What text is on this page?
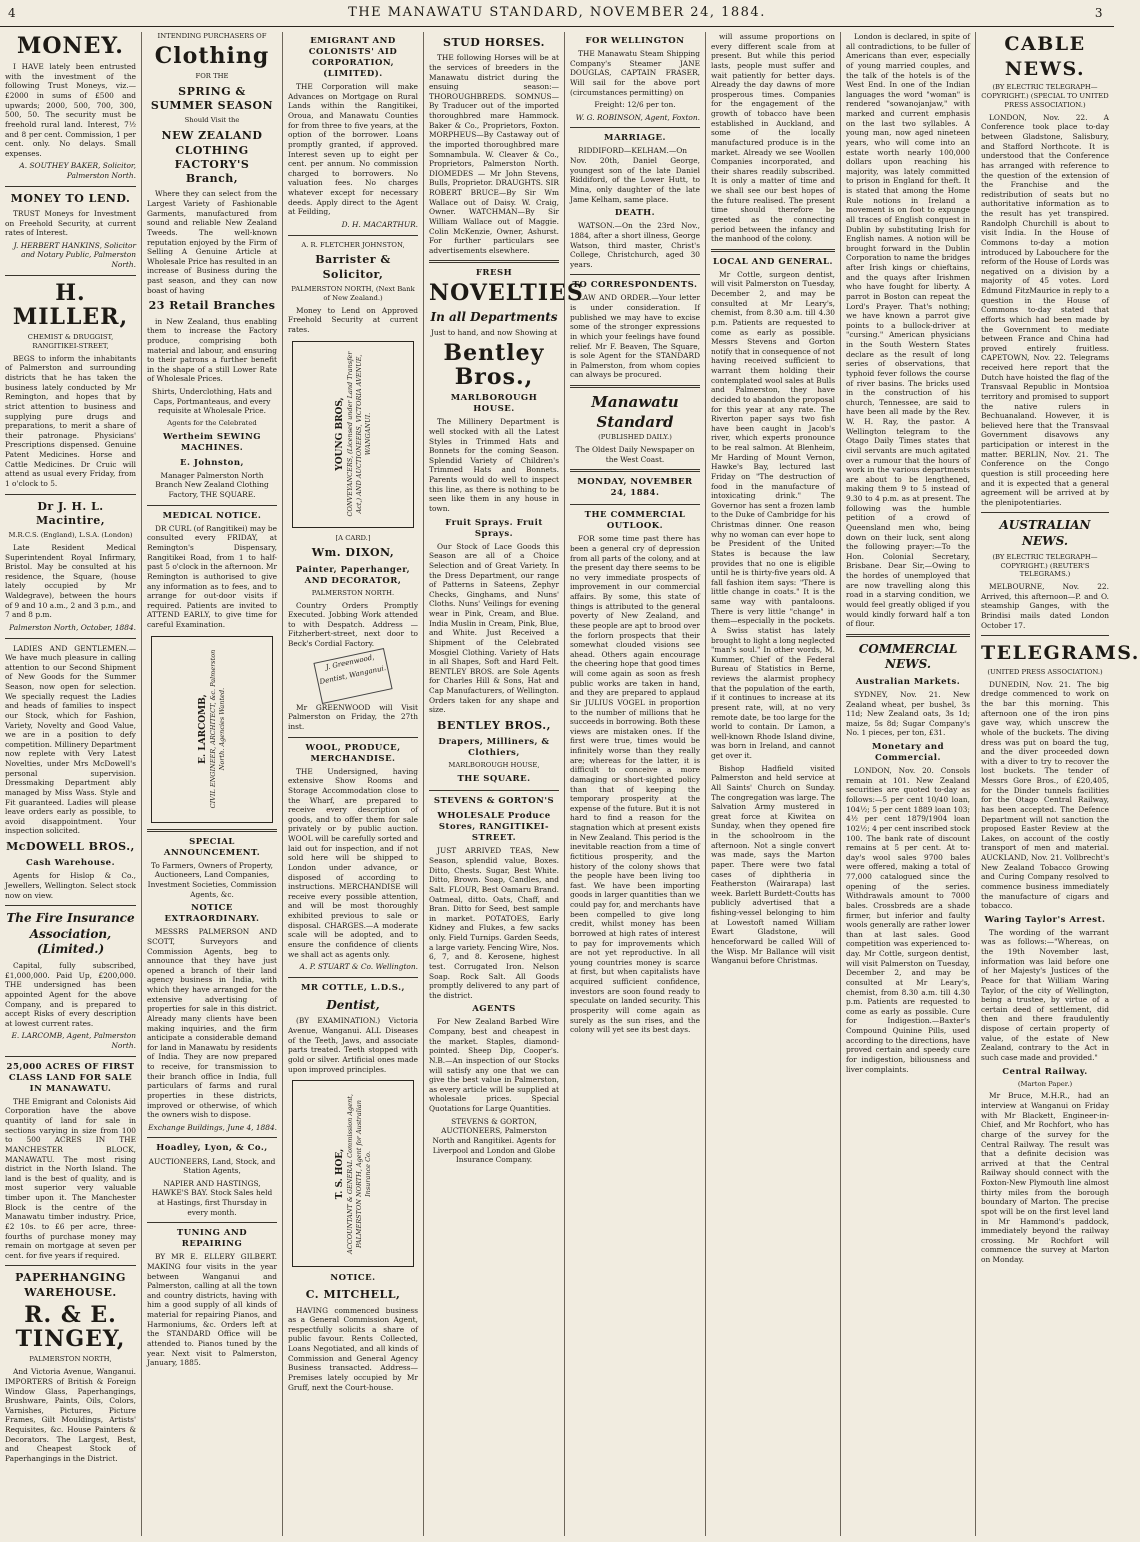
4	THE MANAWATU STANDARD, NOVEMBER 24, 1884.	3
MONEY.

I HAVE lately been entrusted with the investment of the following Trust Moneys, viz.— £2000 in sums of £500 and upwards; 2000, 500, 700, 300, 500, 50. The security must be freehold rural land. Interest, 7½ and 8 per cent. Commission, 1 per cent. only. No delays. Small expenses.

A. SOUTHEY BAKER, Solicitor, Palmerston North.
MONEY TO LEND.

TRUST Moneys for Investment on Freehold Security, at current rates of Interest.

J. HERBERT HANKINS, Solicitor and Notary Public, Palmerston North.
H. MILLER,
CHEMIST & DRUGGIST, RANGITIKEI-STREET,

BEGS to inform the inhabitants of Palmerston and surrounding districts that he has taken the business lately conducted by Mr Remington, and hopes that by strict attention to business and supplying pure drugs and preparations, to merit a share of their patronage. Physicians' Prescriptions dispensed. Genuine Patent Medicines. Horse and Cattle Medicines. Dr Cruic will attend as usual every Friday, from 1 o'clock to 5.

Dr J. H. L. Macintire,
M.R.C.S. (England), L.S.A. (London)

Late Resident Medical Superintendent Royal Infirmary, Bristol. May be consulted at his residence, the Square, (house lately occupied by Mr Waldegrave), between the hours of 9 and 10 a.m., 2 and 3 p.m., and 7 and 8 p.m.

Palmerston North, October, 1884.

LADIES AND GENTLEMEN.—We have much pleasure in calling attention to our Second Shipment of New Goods for the Summer Season, now open for selection. We specially request the Ladies and heads of families to inspect our Stock, which for Fashion, Variety, Novelty and Good Value, we are in a position to defy competition. Millinery Department now replete with Very Latest Novelties, under Mrs McDowell's personal supervision. Dressmaking Department ably managed by Miss Wass. Style and Fit guaranteed. Ladies will please leave orders early as possible, to avoid disappointment. Your inspection solicited.

McDOWELL BROS.,
Cash Warehouse.

Agents for Hislop & Co., Jewellers, Wellington. Select stock now on view.

The Fire Insurance Association, (Limited.)

Capital, fully subscribed, £1,000,000. Paid Up, £200,000. THE undersigned has been appointed Agent for the above Company, and is prepared to accept Risks of every description at lowest current rates.

E. LARCOMB, Agent, Palmerston North.
25,000 ACRES OF FIRST CLASS LAND FOR SALE IN MANAWATU.

THE Emigrant and Colonists Aid Corporation have the above quantity of land for sale in sections varying in size from 100 to 500 ACRES IN THE MANCHESTER BLOCK, MANAWATU. The most rising district in the North Island. The land is the best of quality, and is most superior very valuable timber upon it. The Manchester Block is the centre of the Manawatu timber industry. Price, £2 10s. to £6 per acre, three-fourths of purchase money may remain on mortgage at seven per cent. for five years if required.

PAPERHANGING WAREHOUSE.
R. & E. TINGEY,
PALMERSTON NORTH,

And Victoria Avenue, Wanganui. IMPORTERS of British & Foreign Window Glass, Paperhangings, Brushware, Paints, Oils, Colors, Varnishes, Pictures, Picture Frames, Gilt Mouldings, Artists' Requisites, &c. House Painters & Decorators. The Largest, Best, and Cheapest Stock of Paperhangings in the District.

INTENDING PURCHASERS OF
Clothing
FOR THE
SPRING & SUMMER SEASON
Should Visit the
NEW ZEALAND CLOTHING FACTORY'S Branch,

Where they can select from the Largest Variety of Fashionable Garments, manufactured from sound and reliable New Zealand Tweeds. The well-known reputation enjoyed by the Firm of Selling A Genuine Article at Wholesale Price has resulted in an increase of Business during the past season, and they can now boast of having

23 Retail Branches

in New Zealand, thus enabling them to increase the Factory produce, comprising both material and labour, and ensuring to their patrons a further benefit in the shape of a still Lower Rate of Wholesale Prices.

Shirts, Underclothing, Hats and Caps, Portmanteaus, and every requisite at Wholesale Price.

Agents for the Celebrated
Wertheim SEWING MACHINES.
E. Johnston,

Manager Palmerston North Branch New Zealand Clothing Factory, THE SQUARE.

MEDICAL NOTICE.

DR CURL (of Rangitikei) may be consulted every FRIDAY, at Remington's Dispensary, Rangitikei Road, from 1 to half-past 5 o'clock in the afternoon. Mr Remington is authorised to give any information as to fees, and to arrange for out-door visits if required. Patients are invited to ATTEND EARLY, to give time for careful Examination.

E. LARCOMB, CIVIL ENGINEER, ARCHITECT, &c. Palmerston North. Agencies Wanted.
SPECIAL ANNOUNCEMENT.

To Farmers, Owners of Property, Auctioneers, Land Companies, Investment Societies, Commission Agents, &c.

NOTICE EXTRAORDINARY.

MESSRS PALMERSON AND SCOTT, Surveyors and Commission Agents, beg to announce that they have just opened a branch of their land agency business in India, with which they have arranged for the extensive advertising of properties for sale in this district. Already many clients have been making inquiries, and the firm anticipate a considerable demand for land in Manawatu by residents of India. They are now prepared to receive, for transmission to their branch office in India, full particulars of farms and rural properties in these districts, improved or otherwise, of which the owners wish to dispose.

Exchange Buildings, June 4, 1884.
Hoadley, Lyon, & Co.,

AUCTIONEERS, Land, Stock, and Station Agents,

NAPIER AND HASTINGS, HAWKE'S BAY. Stock Sales held at Hastings, first Thursday in every month.

TUNING AND REPAIRING

BY MR E. ELLERY GILBERT. MAKING four visits in the year between Wanganui and Palmerston, calling at all the town and country districts, having with him a good supply of all kinds of material for repairing Pianos, and Harmoniums, &c. Orders left at the STANDARD Office will be attended to. Pianos tuned by the year. Next visit to Palmerston, January, 1885.

EMIGRANT AND COLONISTS' AID CORPORATION, (LIMITED).

THE Corporation will make Advances on Mortgage on Rural Lands within the Rangitikei, Oroua, and Manawatu Counties for from three to five years, at the option of the borrower. Loans promptly granted, if approved. Interest seven up to eight per cent. per annum. No commission charged to borrowers. No valuation fees. No charges whatever except for necessary deeds. Apply direct to the Agent at Feilding,

D. H. MACARTHUR.
A. R. FLETCHER JOHNSTON,
Barrister & Solicitor,
PALMERSTON NORTH, (Next Bank of New Zealand.)

Money to Lend on Approved Freehold Security at current rates.

YOUNG BROS, CONVEYANCERS, (Licensed under Land Transfer Act,) AND AUCTIONEERS, VICTORIA AVENUE, WANGANUI.
[A CARD.]
Wm. DIXON,
Painter, Paperhanger, AND DECORATOR,
PALMERSTON NORTH.

Country Orders Promptly Executed. Jobbing Work attended to with Despatch. Address — Fitzherbert-street, next door to Beck's Cordial Factory.

J. Greenwood, Dentist, Wanganui.

Mr GREENWOOD will Visit Palmerston on Friday, the 27th inst.

WOOL, PRODUCE, MERCHANDISE.

THE Undersigned, having extensive Show Rooms and Storage Accommodation close to the Wharf, are prepared to receive every description of goods, and to offer them for sale privately or by public auction. WOOL will be carefully sorted and laid out for inspection, and if not sold here will be shipped to London under advance, or disposed of according to instructions. MERCHANDISE will receive every possible attention, and will be most thoroughly exhibited previous to sale or disposal. CHARGES.—A moderate scale will be adopted, and to ensure the confidence of clients we shall act as agents only.

A. P. STUART & Co. Wellington.
MR COTTLE, L.D.S.,
Dentist,

(BY EXAMINATION.) Victoria Avenue, Wanganui. ALL Diseases of the Teeth, Jaws, and associate parts treated. Teeth stopped with gold or silver. Artificial ones made upon improved principles.

T. S. HOE, ACCOUNTANT & GENERAL Commission Agent, PALMERSTON NORTH, Agent for Australian Insurance Co.
NOTICE.
C. MITCHELL,

HAVING commenced business as a General Commission Agent, respectfully solicits a share of public favour. Rents Collected, Loans Negotiated, and all kinds of Commission and General Agency Business transacted. Address—Premises lately occupied by Mr Gruff, next the Court-house.

STUD HORSES.

THE following Horses will be at the services of breeders in the Manawatu district during the ensuing season:— THOROUGHBREDS. SOMNUS—By Traducer out of the imported thoroughbred mare Hammock. Baker & Co., Proprietors, Foxton. MORPHEUS—By Castaway out of the imported thoroughbred mare Somnambula. W. Cleaver & Co., Proprietors, Palmerston North. DIOMEDES — Mr John Stevens, Bulls, Proprietor. DRAUGHTS. SIR ROBERT BRUCE—By Sir Wm Wallace out of Daisy. W. Craig, Owner. WATCHMAN—By Sir William Wallace out of Maggie. Colin McKenzie, Owner, Ashurst. For further particulars see advertisements elsewhere.

FRESH
NOVELTIES
In all Departments

Just to hand, and now Showing at

Bentley Bros.,
MARLBOROUGH HOUSE.

The Millinery Department is well stocked with all the Latest Styles in Trimmed Hats and Bonnets for the coming Season. Splendid Variety of Children's Trimmed Hats and Bonnets. Parents would do well to inspect this line, as there is nothing to be seen like them in any house in town.

Fruit Sprays. Fruit Sprays.

Our Stock of Lace Goods this Season are all of a Choice Selection and of Great Variety. In the Dress Department, our range of Patterns in Sateens, Zephyr Checks, Ginghams, and Nuns' Cloths. Nuns' Veilings for evening wear in Pink, Cream, and Blue. India Muslin in Cream, Pink, Blue, and White. Just Received a Shipment of the Celebrated Mosgiel Clothing. Variety of Hats in all Shapes, Soft and Hard Felt. BENTLEY BROS. are Sole Agents for Charles Hill & Sons, Hat and Cap Manufacturers, of Wellington. Orders taken for any shape and size.

BENTLEY BROS.,
Drapers, Milliners, & Clothiers,
MARLBOROUGH HOUSE,
THE SQUARE.
STEVENS & GORTON'S
WHOLESALE Produce Stores, RANGITIKEI-STREET.

JUST ARRIVED TEAS, New Season, splendid value, Boxes. Ditto, Chests. Sugar, Best White. Ditto, Brown. Soap, Candles, and Salt. FLOUR, Best Oamaru Brand. Oatmeal, ditto. Oats, Chaff, and Bran. Ditto for Seed, best sample in market. POTATOES, Early Kidney and Flukes, a few sacks only. Field Turnips. Garden Seeds, a large variety. Fencing Wire, Nos. 6, 7, and 8. Kerosene, highest test. Corrugated Iron. Nelson Soap. Rock Salt. All Goods promptly delivered to any part of the district.

AGENTS

For New Zealand Barbed Wire Company, best and cheapest in the market. Staples, diamond-pointed. Sheep Dip, Cooper's. N.B.—An inspection of our Stocks will satisfy any one that we can give the best value in Palmerston, as every article will be supplied at wholesale prices. Special Quotations for Large Quantities.

STEVENS & GORTON, AUCTIONEERS, Palmerston North and Rangitikei. Agents for Liverpool and London and Globe Insurance Company.

FOR WELLINGTON

THE Manawatu Steam Shipping Company's Steamer JANE DOUGLAS, CAPTAIN FRASER, Will sail for the above port (circumstances permitting) on

Freight: 12/6 per ton.

W. G. ROBINSON, Agent, Foxton.
MARRIAGE.

RIDDIFORD—KELHAM.—On Nov. 20th, Daniel George, youngest son of the late Daniel Riddiford, of the Lower Hutt, to Mina, only daughter of the late Jame Kelham, same place.

DEATH.

WATSON.—On the 23rd Nov., 1884, after a short illness, George Watson, third master, Christ's College, Christchurch, aged 30 years.

TO CORRESPONDENTS.

LAW AND ORDER.—Your letter is under consideration. If published we may have to excise some of the stronger expressions in which your feelings have found relief. Mr F. Beaven, The Square, is sole Agent for the STANDARD in Palmerston, from whom copies can always be procured.

Manawatu Standard
(PUBLISHED DAILY.)

The Oldest Daily Newspaper on the West Coast.

MONDAY, NOVEMBER 24, 1884.
THE COMMERCIAL OUTLOOK.

FOR some time past there has been a general cry of depression from all parts of the colony, and at the present day there seems to be no very immediate prospects of improvement in our commercial affairs. By some, this state of things is attributed to the general poverty of New Zealand, and these people are apt to brood over the forlorn prospects that their somewhat clouded visions see ahead. Others again encourage the cheering hope that good times will come again as soon as fresh public works are taken in hand, and they are prepared to applaud Sir JULIUS VOGEL in proportion to the number of millions that he succeeds in borrowing. Both these views are mistaken ones. If the first were true, times would be infinitely worse than they really are; whereas for the latter, it is difficult to conceive a more damaging or short-sighted policy than that of keeping the temporary prosperity at the expense of the future. But it is not hard to find a reason for the stagnation which at present exists in New Zealand. This period is the inevitable reaction from a time of fictitious prosperity, and the history of the colony shows that the people have been living too fast. We have been importing goods in larger quantities than we could pay for, and merchants have been compelled to give long credit, whilst money has been borrowed at high rates of interest to pay for improvements which are not yet reproductive. In all young countries money is scarce at first, but when capitalists have acquired sufficient confidence, investors are soon found ready to speculate on landed security. This prosperity will come again as surely as the sun rises, and the colony will yet see its best days.

will assume proportions on every different scale from at present. But while this period lasts, people must suffer and wait patiently for better days. Already the day dawns of more prosperous times. Companies for the engagement of the growth of tobacco have been established in Auckland, and some of the locally manufactured produce is in the market. Already we see Woollen Companies incorporated, and their shares readily subscribed. It is only a matter of time and we shall see our best hopes of the future realised. The present time should therefore be greeted as the connecting period between the infancy and the manhood of the colony.

LOCAL AND GENERAL.

Mr Cottle, surgeon dentist, will visit Palmerston on Tuesday, December 2, and may be consulted at Mr Leary's, chemist, from 8.30 a.m. till 4.30 p.m. Patients are requested to come as early as possible. Messrs Stevens and Gorton notify that in consequence of not having received sufficient to warrant them holding their contemplated wool sales at Bulls and Palmerston, they have decided to abandon the proposal for this year at any rate. The Riverton paper says two fish have been caught in Jacob's river, which experts pronounce to be real salmon. At Blenheim, Mr Harding of Mount Vernon, Hawke's Bay, lectured last Friday on "The destruction of food in the manufacture of intoxicating drink." The Governor has sent a frozen lamb to the Duke of Cambridge for his Christmas dinner. One reason why no woman can ever hope to be President of the United States is because the law provides that no one is eligible until he is thirty-five years old. A fall fashion item says: "There is little change in coats." It is the same way with pantaloons. There is very little "change" in them—especially in the pockets. A Swiss statist has lately brought to light a long neglected "man's soul." In other words, M. Kummer, Chief of the Federal Bureau of Statistics in Berne, reviews the alarmist prophecy that the population of the earth, if it continues to increase at its present rate, will, at no very remote date, be too large for the world to contain. Dr Lamon, a well-known Rhode Island divine, was born in Ireland, and cannot get over it.

Bishop Hadfield visited Palmerston and held service at All Saints' Church on Sunday. The congregation was large. The Salvation Army mustered in great force at Kiwitea on Sunday, when they opened fire in the schoolroom in the afternoon. Not a single convert was made, says the Marton paper. There were two fatal cases of diphtheria in Featherston (Wairarapa) last week. Barlett Burdett-Coutts has publicly advertised that a fishing-vessel belonging to him at Lowestoft named William Ewart Gladstone, will henceforward be called Will of the Wisp. Mr Ballance will visit Wanganui before Christmas.

London is declared, in spite of all contradictions, to be fuller of Americans than ever, especially of young married couples, and the talk of the hotels is of the West End. In one of the Indian languages the word "woman" is rendered "sowanojanjaw," with marked and current emphasis on the last two syllables. A young man, now aged nineteen years, who will come into an estate worth nearly 100,000 dollars upon reaching his majority, was lately committed to prison in England for theft. It is stated that among the Home Rule notions in Ireland a movement is on foot to expunge all traces of English conquest in Dublin by substituting Irish for English names. A notion will be brought forward in the Dublin Corporation to name the bridges after Irish kings or chieftains, and the quays after Irishmen who have fought for liberty. A parrot in Boston can repeat the Lord's Prayer. That's nothing; we have known a parrot give points to a bullock-driver at "cursing." American physicians in the South Western States declare as the result of long series of observations, that typhoid fever follows the course of river basins. The bricks used in the construction of his church, Tennessee, are said to have been all made by the Rev. W. H. Ray, the pastor. A Wellington telegram to the Otago Daily Times states that civil servants are much agitated over a rumour that the hours of work in the various departments are about to be lengthened, making them 9 to 5 instead of 9.30 to 4 p.m. as at present. The following was the humble petition of a crowd of Queensland men who, being down on their luck, sent along the following prayer:—To the Hon. Colonial Secretary, Brisbane. Dear Sir,—Owing to the hordes of unemployed that are now travelling along this road in a starving condition, we would feel greatly obliged if you would kindly forward half a ton of flour.

COMMERCIAL NEWS.
Australian Markets.

SYDNEY, Nov. 21. New Zealand wheat, per bushel, 3s 11d; New Zealand oats, 3s 1d; maize, 5s 8d; Sugar Company's No. 1 pieces, per ton, £31.

Monetary and Commercial.

LONDON, Nov. 20. Consols remain at 101. New Zealand securities are quoted to-day as follows:—5 per cent 10/40 loan, 104½; 5 per cent 1889 loan 103; 4½ per cent 1879/1904 loan 102½; 4 per cent inscribed stock 100. The bank rate of discount remains at 5 per cent. At to-day's wool sales 9700 bales were offered, making a total of 77,000 catalogued since the opening of the series. Withdrawals amount to 7000 bales. Crossbreds are a shade firmer, but inferior and faulty wools generally are rather lower than at last sales. Good competition was experienced to-day. Mr Cottle, surgeon dentist, will visit Palmerston on Tuesday, December 2, and may be consulted at Mr Leary's, chemist, from 8.30 a.m. till 4.30 p.m. Patients are requested to come as early as possible. Cure for Indigestion.—Baxter's Compound Quinine Pills, used according to the directions, have proved certain and speedy cure for indigestion, biliousness and liver complaints.

CABLE NEWS.
(BY ELECTRIC TELEGRAPH—COPYRIGHT.) (SPECIAL TO UNITED PRESS ASSOCIATION.)

LONDON, Nov. 22. A Conference took place to-day between Gladstone, Salisbury, and Stafford Northcote. It is understood that the Conference has arranged with reference to the question of the extension of the Franchise and the redistribution of seats but no authoritative information as to the result has yet transpired. Randolph Churchill is about to visit India. In the House of Commons to-day a motion introduced by Labouchere for the reform of the House of Lords was negatived on a division by a majority of 45 votes. Lord Edmund FitzMaurice in reply to a question in the House of Commons to-day stated that efforts which had been made by the Government to mediate between France and China had proved entirely fruitless. CAPETOWN, Nov. 22. Telegrams received here report that the Dutch have hoisted the flag of the Transvaal Republic in Montsioa territory and promised to support the native rulers in Bechuanaland. However, it is believed here that the Transvaal Government disavows any participation or interest in the matter. BERLIN, Nov. 21. The Conference on the Congo question is still proceeding here and it is expected that a general agreement will be arrived at by the plenipotentiaries.

AUSTRALIAN NEWS.
(BY ELECTRIC TELEGRAPH—COPYRIGHT.) (REUTER'S TELEGRAMS.)

MELBOURNE, Nov. 22. Arrived, this afternoon—P. and O. steamship Ganges, with the Brindisi mails dated London October 17.

TELEGRAMS.
(UNITED PRESS ASSOCIATION.)

DUNEDIN, Nov. 21. The big dredge commenced to work on the bar this morning. This afternoon one of the iron pins gave way, which unscrew the whole of the buckets. The diving dress was put on board the tug, and the diver proceeded down with a diver to try to recover the lost buckets. The tender of Messrs Gore Bros., of £20,405, for the Dinder tunnels facilities for the Otago Central Railway, has been accepted. The Defence Department will not sanction the proposed Easter Review at the Lakes, on account of the costly transport of men and material. AUCKLAND, Nov. 21. Vollbrecht's New Zealand Tobacco Growing and Curing Company resolved to commence business immediately the manufacture of cigars and tobacco.

Waring Taylor's Arrest.

The wording of the warrant was as follows:—"Whereas, on the 19th November last, information was laid before one of her Majesty's Justices of the Peace for that William Waring Taylor, of the city of Wellington, being a trustee, by virtue of a certain deed of settlement, did then and there fraudulently dispose of certain property of value, of the estate of New Zealand, contrary to the Act in such case made and provided."

Central Railway.
(Marton Paper.)

Mr Bruce, M.H.R., had an interview at Wanganui on Friday with Mr Blackett, Engineer-in-Chief, and Mr Rochfort, who has charge of the survey for the Central Railway. The result was that a definite decision was arrived at that the Central Railway should connect with the Foxton-New Plymouth line almost thirty miles from the borough boundary of Marton. The precise spot will be on the first level land in Mr Hammond's paddock, immediately beyond the railway crossing. Mr Rochfort will commence the survey at Marton on Monday.
